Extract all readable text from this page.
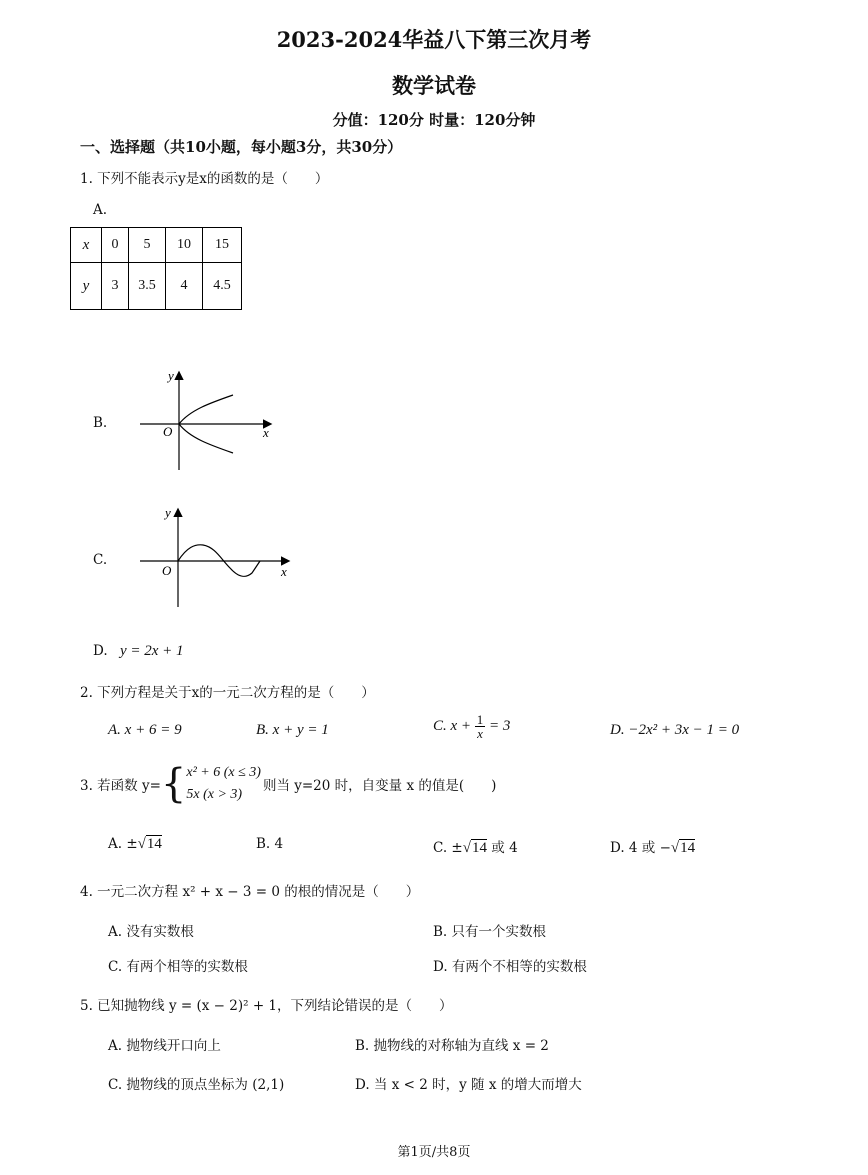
2023-2024华益八下第三次月考
数学试卷
分值：120分 时量：120分钟
一、选择题（共10小题，每小题3分，共30分）
1. 下列不能表示y是x的函数的是（　　）
A.
x	0	5	10	15
y	3	3.5	4	4.5
B.
y
x
O
C.
y
x
O
D. y = 2x + 1
2. 下列方程是关于x的一元二次方程的是（　　）
A. x + 6 = 9	B. x + y = 1	C. $x + \frac{1}{x} = 3$	D. −2x² + 3x − 1 = 0
3. 若函数 y= { x² + 6 (x ≤ 3)
5x (x > 3)
则当 y=20 时，自变量 x 的值是(　　)
A. ±√14	B. 4	C. ±√14 或 4	D. 4 或 −√14
4. 一元二次方程 x² + x − 3 = 0 的根的情况是（　　）
A. 没有实数根	B. 只有一个实数根
C. 有两个相等的实数根	D. 有两个不相等的实数根
5. 已知抛物线 y = (x − 2)² + 1，下列结论错误的是（　　）
A. 抛物线开口向上	B. 抛物线的对称轴为直线 x = 2
C. 抛物线的顶点坐标为 (2,1)	D. 当 x < 2 时，y 随 x 的增大而增大
第1页/共8页
